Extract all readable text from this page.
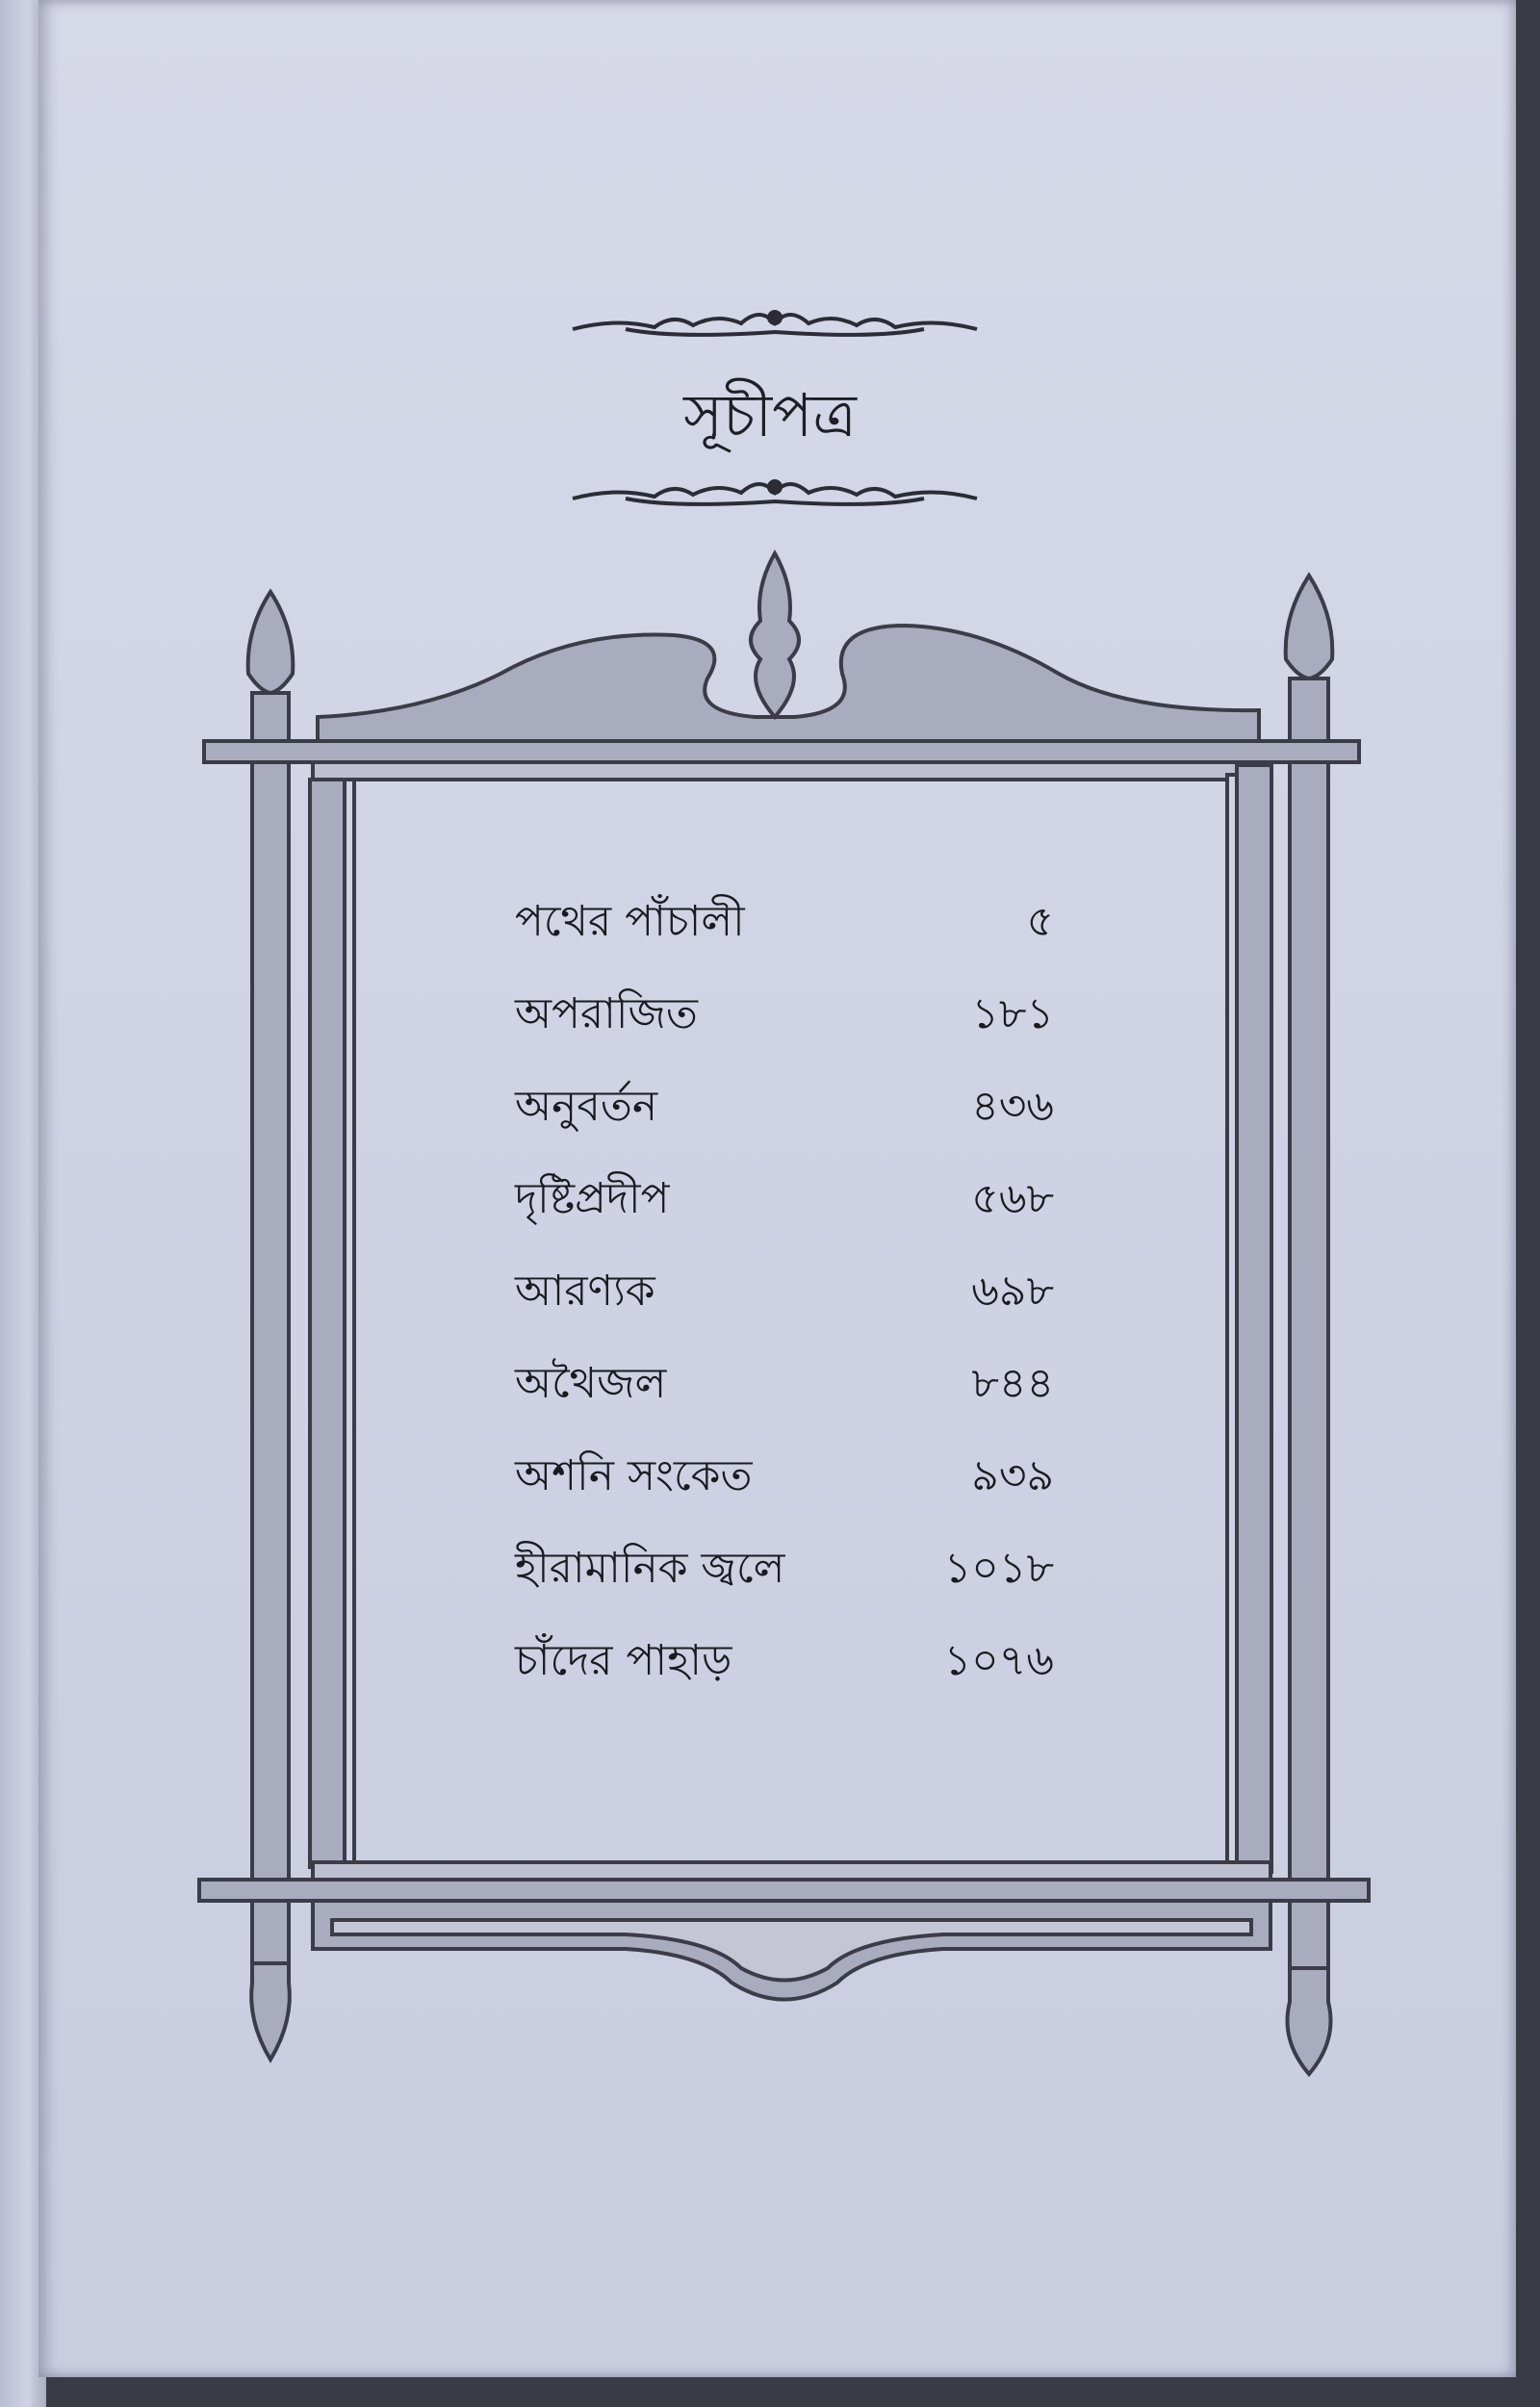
সূচীপত্র
পথের পাঁচালী	৫
অপরাজিত	১৮১
অনুবর্তন	৪৩৬
দৃষ্টিপ্রদীপ	৫৬৮
আরণ্যক	৬৯৮
অথৈজল	৮৪৪
অশনি সংকেত	৯৩৯
হীরামানিক জ্বলে	১০১৮
চাঁদের পাহাড়	১০৭৬
